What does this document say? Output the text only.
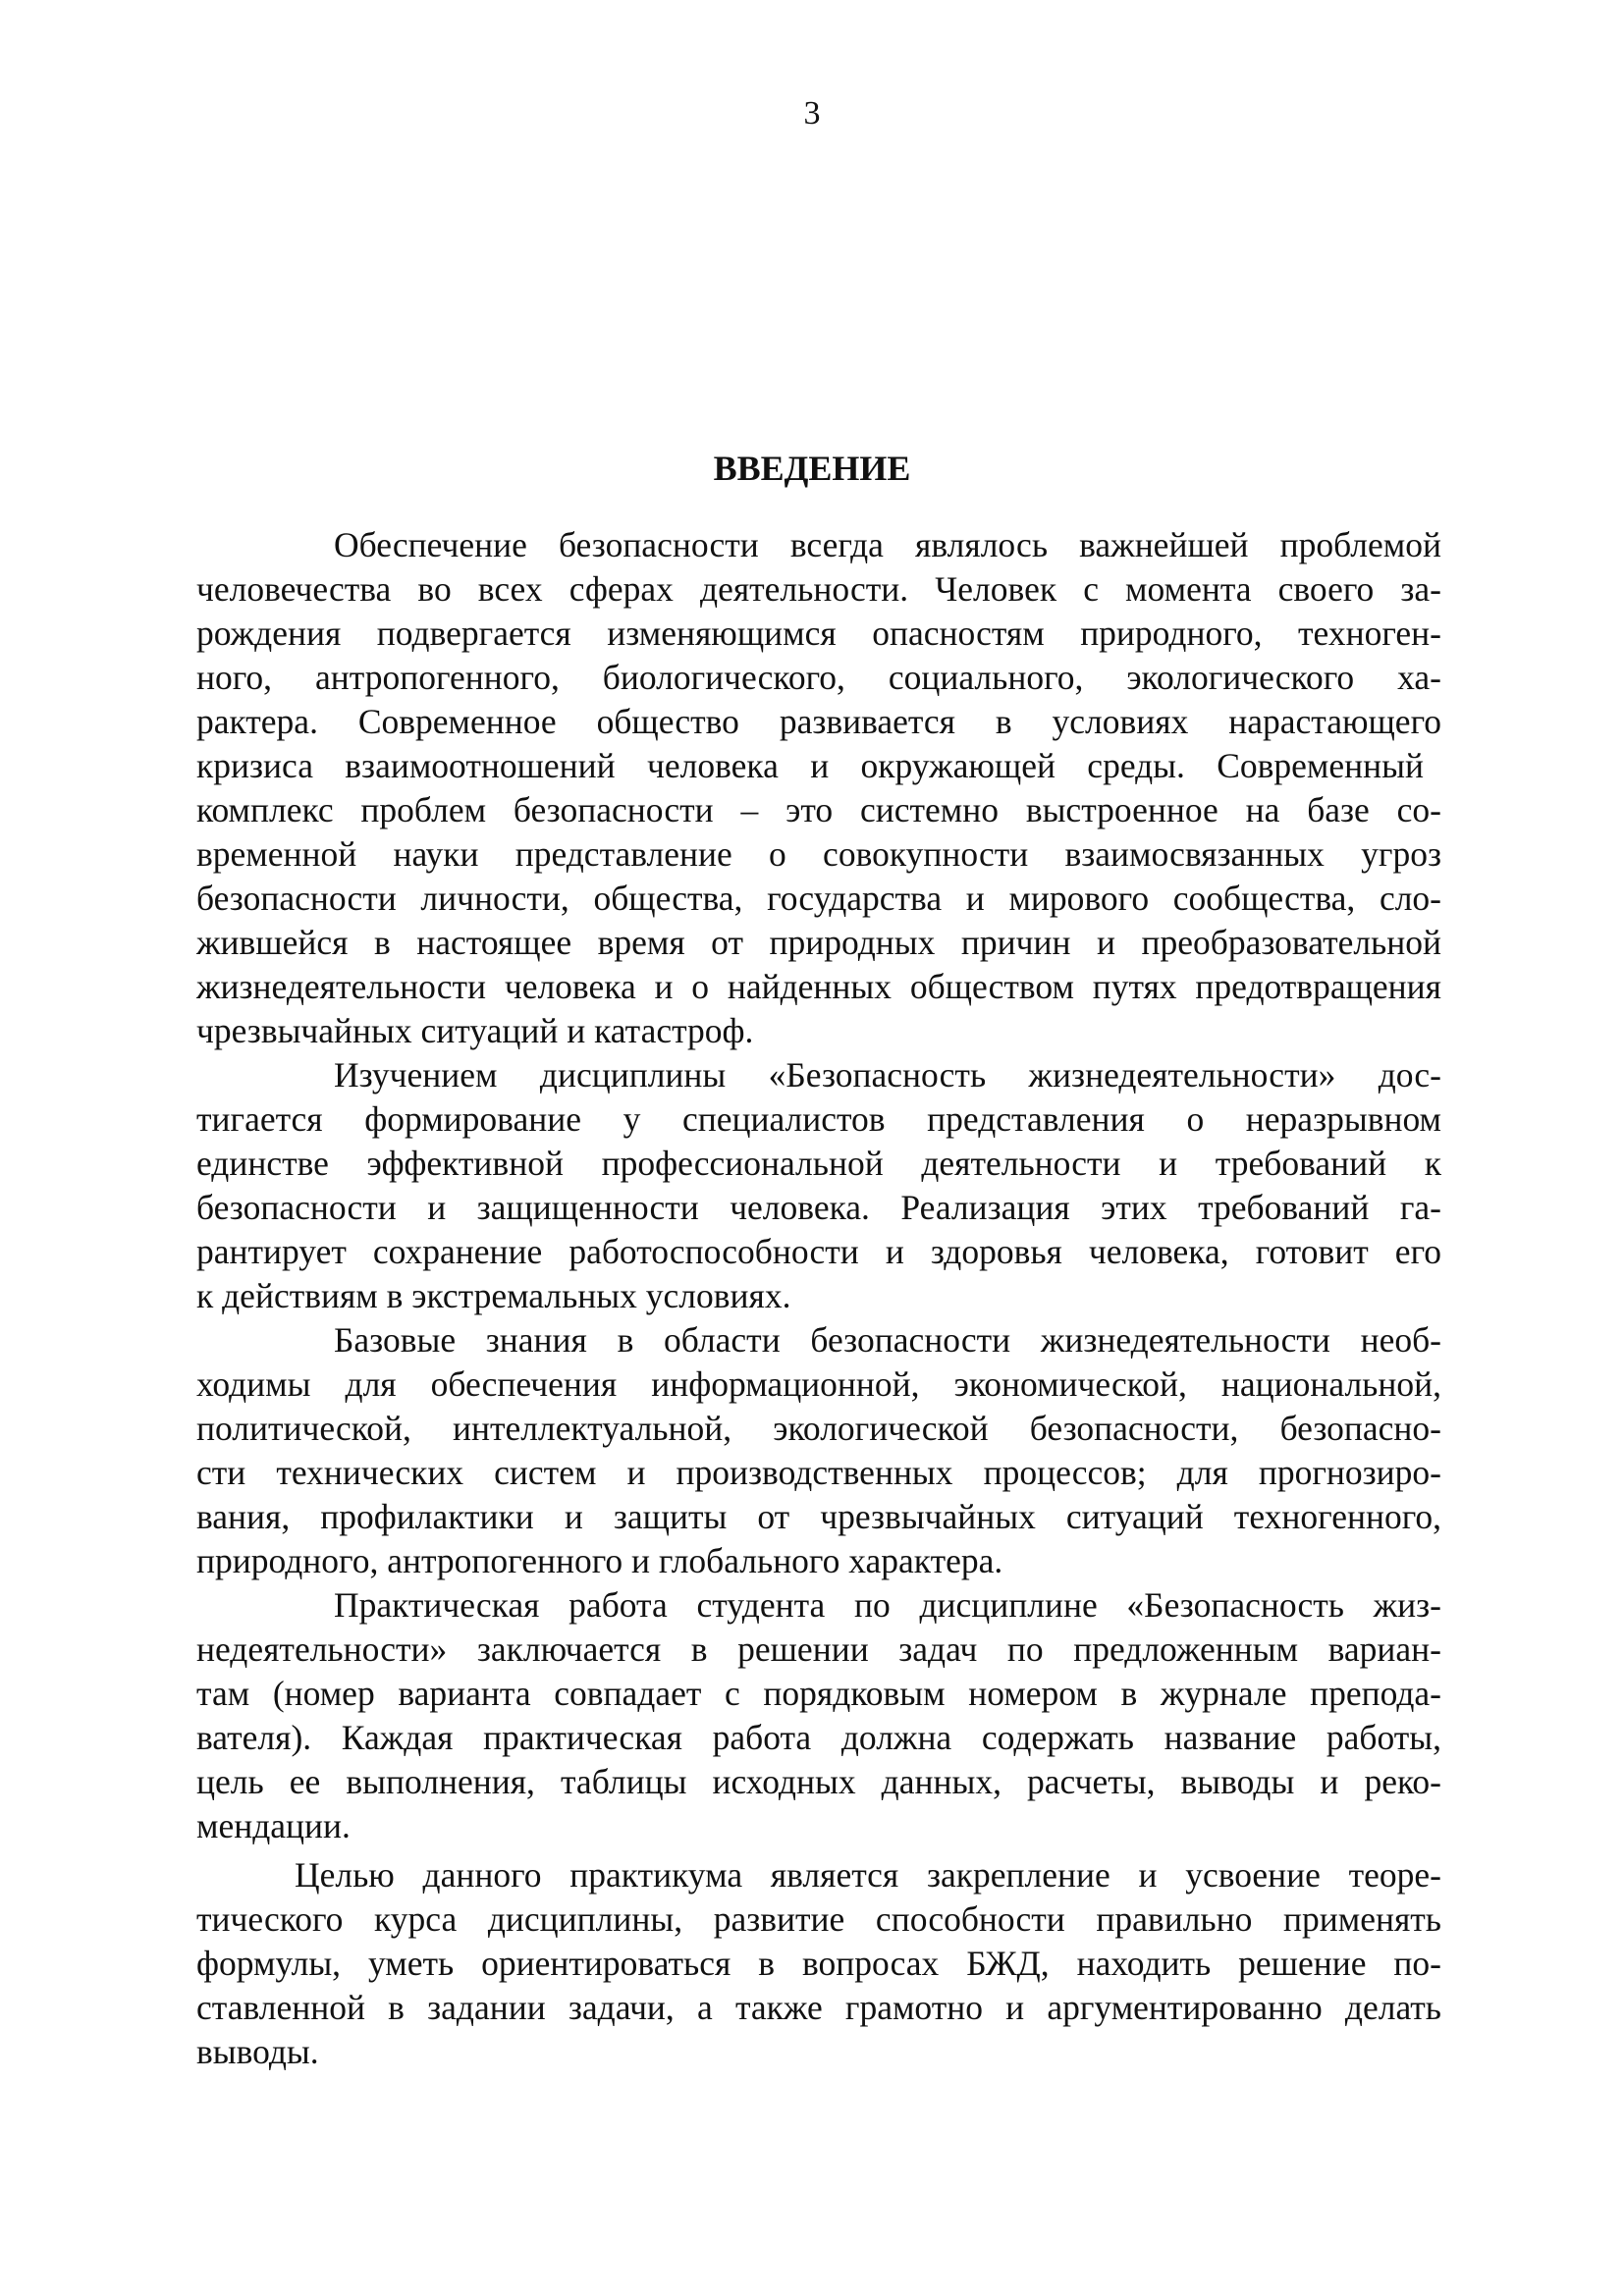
3
ВВЕДЕНИЕ
Обеспечение безопасности всегда являлось важнейшей проблемой
человечества во всех сферах деятельности. Человек с момента своего за-
рождения подвергается изменяющимся опасностям природного, техноген-
ного, антропогенного, биологического, социального, экологического ха-
рактера. Современное общество развивается в условиях нарастающего
кризиса взаимоотношений человека и окружающей среды. Современный
комплекс проблем безопасности – это системно выстроенное на базе со-
временной науки представление о совокупности взаимосвязанных угроз
безопасности личности, общества, государства и мирового сообщества, сло-
жившейся в настоящее время от природных причин и преобразовательной
жизнедеятельности человека и о найденных обществом путях предотвращения
чрезвычайных ситуаций и катастроф.
Изучением дисциплины «Безопасность жизнедеятельности» дос-
тигается формирование у специалистов представления о неразрывном
единстве эффективной профессиональной деятельности и требований к
безопасности и защищенности человека. Реализация этих требований га-
рантирует сохранение работоспособности и здоровья человека, готовит его
к действиям в экстремальных условиях.
Базовые знания в области безопасности жизнедеятельности необ-
ходимы для обеспечения информационной, экономической, национальной,
политической, интеллектуальной, экологической безопасности, безопасно-
сти технических систем и производственных процессов; для прогнозиро-
вания, профилактики и защиты от чрезвычайных ситуаций техногенного,
природного, антропогенного и глобального характера.
Практическая работа студента по дисциплине «Безопасность жиз-
недеятельности» заключается в решении задач по предложенным вариан-
там (номер варианта совпадает с порядковым номером в журнале препода-
вателя). Каждая практическая работа должна содержать название работы,
цель ее выполнения, таблицы исходных данных, расчеты, выводы и реко-
мендации.
Целью данного практикума является закрепление и усвоение теоре-
тического курса дисциплины, развитие способности правильно применять
формулы, уметь ориентироваться в вопросах БЖД, находить решение по-
ставленной в задании задачи, а также грамотно и аргументированно делать
выводы.
